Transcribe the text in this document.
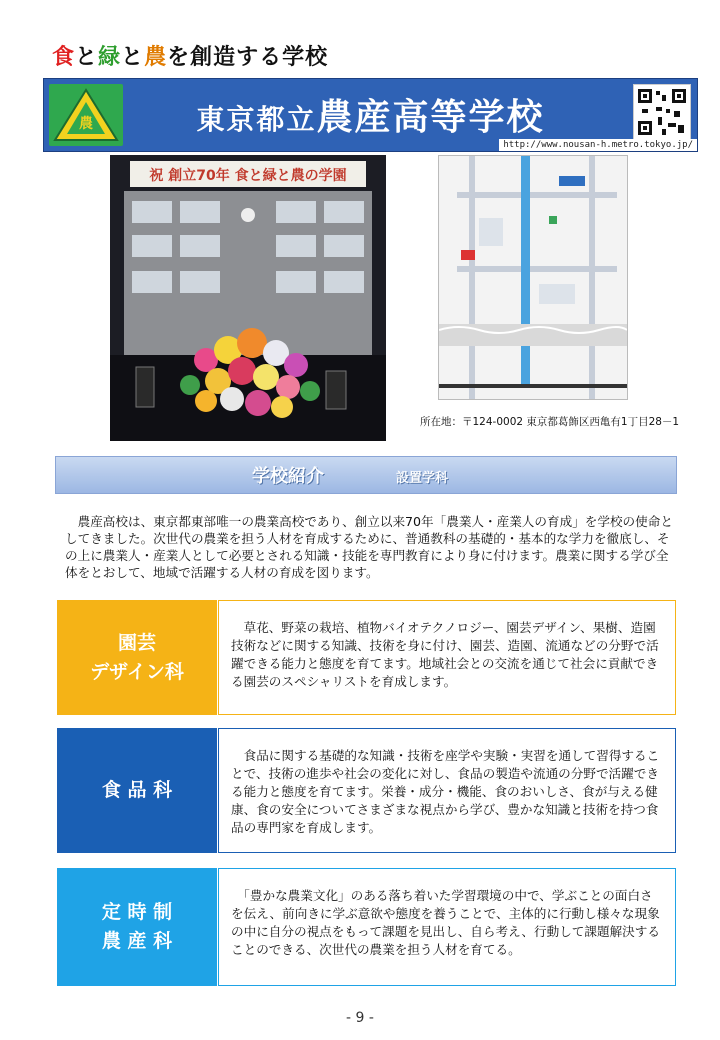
食と緑と農を創造する学校
農	東京都立農産高等学校
http://www.nousan-h.metro.tokyo.jp/
祝 創立70年 食と緑と農の学園
所在地：〒124-0002 東京都葛飾区西亀有1丁目28－1
学校紹介	設置学科
　農産高校は、東京都東部唯一の農業高校であり、創立以来70年「農業人・産業人の育成」を学校の使命としてきました。次世代の農業を担う人材を育成するために、普通教科の基礎的・基本的な学力を徹底し、その上に農業人・産業人として必要とされる知識・技能を専門教育により身に付けます。農業に関する学び全体をとおして、地域で活躍する人材の育成を図ります。
園芸
デザイン科
　草花、野菜の栽培、植物バイオテクノロジー、園芸デザイン、果樹、造園技術などに関する知識、技術を身に付け、園芸、造園、流通などの分野で活躍できる能力と態度を育てます。地域社会との交流を通じて社会に貢献できる園芸のスペシャリストを育成します。
食 品 科
　食品に関する基礎的な知識・技術を座学や実験・実習を通して習得することで、技術の進歩や社会の変化に対し、食品の製造や流通の分野で活躍できる能力と態度を育てます。栄養・成分・機能、食のおいしさ、食が与える健康、食の安全についてさまざまな視点から学び、豊かな知識と技術を持つ食品の専門家を育成します。
定 時 制
農 産 科
　「豊かな農業文化」のある落ち着いた学習環境の中で、学ぶことの面白さを伝え、前向きに学ぶ意欲や態度を養うことで、主体的に行動し様々な現象の中に自分の視点をもって課題を見出し、自ら考え、行動して課題解決することのできる、次世代の農業を担う人材を育てる。
- 9 -
